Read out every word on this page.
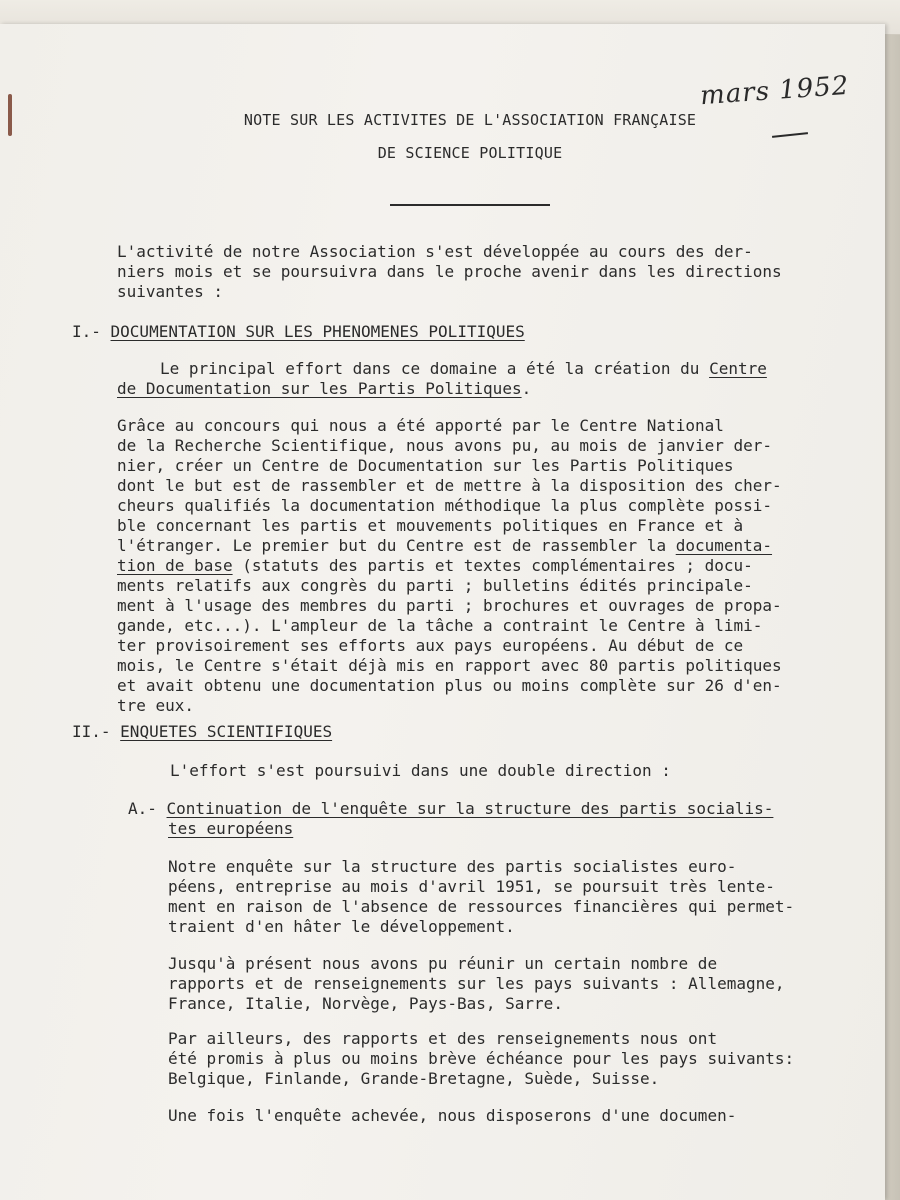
mars 1952
NOTE SUR LES ACTIVITES DE L'ASSOCIATION FRANÇAISE
DE SCIENCE POLITIQUE
L'activité de notre Association s'est développée au cours des der-
niers mois et se poursuivra dans le proche avenir dans les directions
suivantes :
I.- DOCUMENTATION SUR LES PHENOMENES POLITIQUES
Le principal effort dans ce domaine a été la création du Centre
de Documentation sur les Partis Politiques.
Grâce au concours qui nous a été apporté par le Centre National
de la Recherche Scientifique, nous avons pu, au mois de janvier der-
nier, créer un Centre de Documentation sur les Partis Politiques
dont le but est de rassembler et de mettre à la disposition des cher-
cheurs qualifiés la documentation méthodique la plus complète possi-
ble concernant les partis et mouvements politiques en France et à
l'étranger. Le premier but du Centre est de rassembler la documenta-
tion de base (statuts des partis et textes complémentaires ; docu-
ments relatifs aux congrès du parti ; bulletins édités principale-
ment à l'usage des membres du parti ; brochures et ouvrages de propa-
gande, etc...). L'ampleur de la tâche a contraint le Centre à limi-
ter provisoirement ses efforts aux pays européens. Au début de ce
mois, le Centre s'était déjà mis en rapport avec 80 partis politiques
et avait obtenu une documentation plus ou moins complète sur 26 d'en-
tre eux.
II.- ENQUETES SCIENTIFIQUES
L'effort s'est poursuivi dans une double direction :
A.- Continuation de l'enquête sur la structure des partis socialis-
tes européens
Notre enquête sur la structure des partis socialistes euro-
péens, entreprise au mois d'avril 1951, se poursuit très lente-
ment en raison de l'absence de ressources financières qui permet-
traient d'en hâter le développement.
Jusqu'à présent nous avons pu réunir un certain nombre de
rapports et de renseignements sur les pays suivants : Allemagne,
France, Italie, Norvège, Pays-Bas, Sarre.
Par ailleurs, des rapports et des renseignements nous ont
été promis à plus ou moins brève échéance pour les pays suivants:
Belgique, Finlande, Grande-Bretagne, Suède, Suisse.
Une fois l'enquête achevée, nous disposerons d'une documen-
